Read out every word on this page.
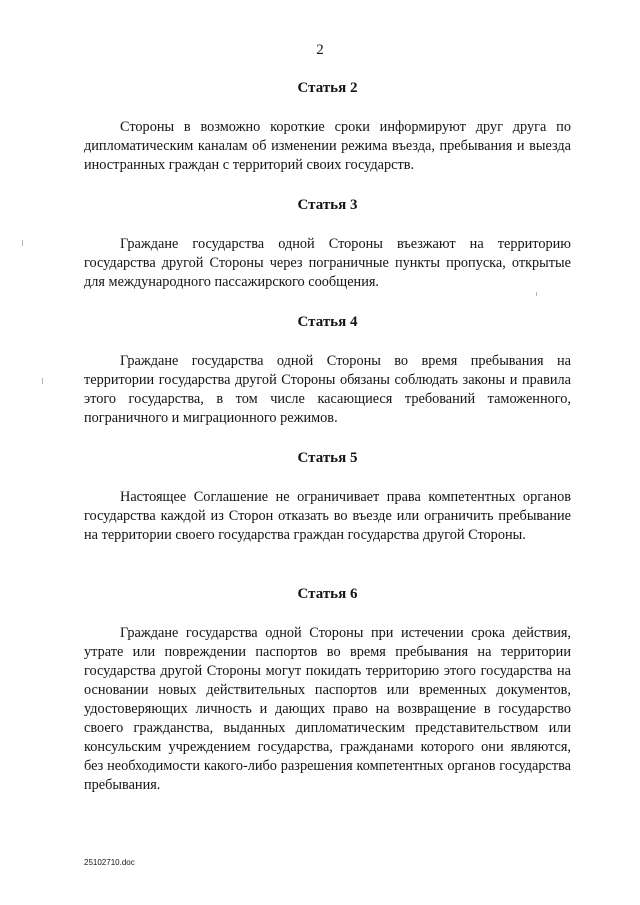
2
Статья 2

Стороны в возможно короткие сроки информируют друг друга по дипломатическим каналам об изменении режима въезда, пребывания и выезда иностранных граждан с территорий своих государств.

Статья 3

Граждане государства одной Стороны въезжают на территорию государства другой Стороны через пограничные пункты пропуска, открытые для международного пассажирского сообщения.

Статья 4

Граждане государства одной Стороны во время пребывания на территории государства другой Стороны обязаны соблюдать законы и правила этого государства, в том числе касающиеся требований таможенного, пограничного и миграционного режимов.

Статья 5

Настоящее Соглашение не ограничивает права компетентных органов государства каждой из Сторон отказать во въезде или ограничить пребывание на территории своего государства граждан государства другой Стороны.

Статья 6

Граждане государства одной Стороны при истечении срока действия, утрате или повреждении паспортов во время пребывания на территории государства другой Стороны могут покидать территорию этого государства на основании новых действительных паспортов или временных документов, удостоверяющих личность и дающих право на возвращение в государство своего гражданства, выданных дипломатическим представительством или консульским учреждением государства, гражданами которого они являются, без необходимости какого-либо разрешения компетентных органов государства пребывания.

25102710.doc
